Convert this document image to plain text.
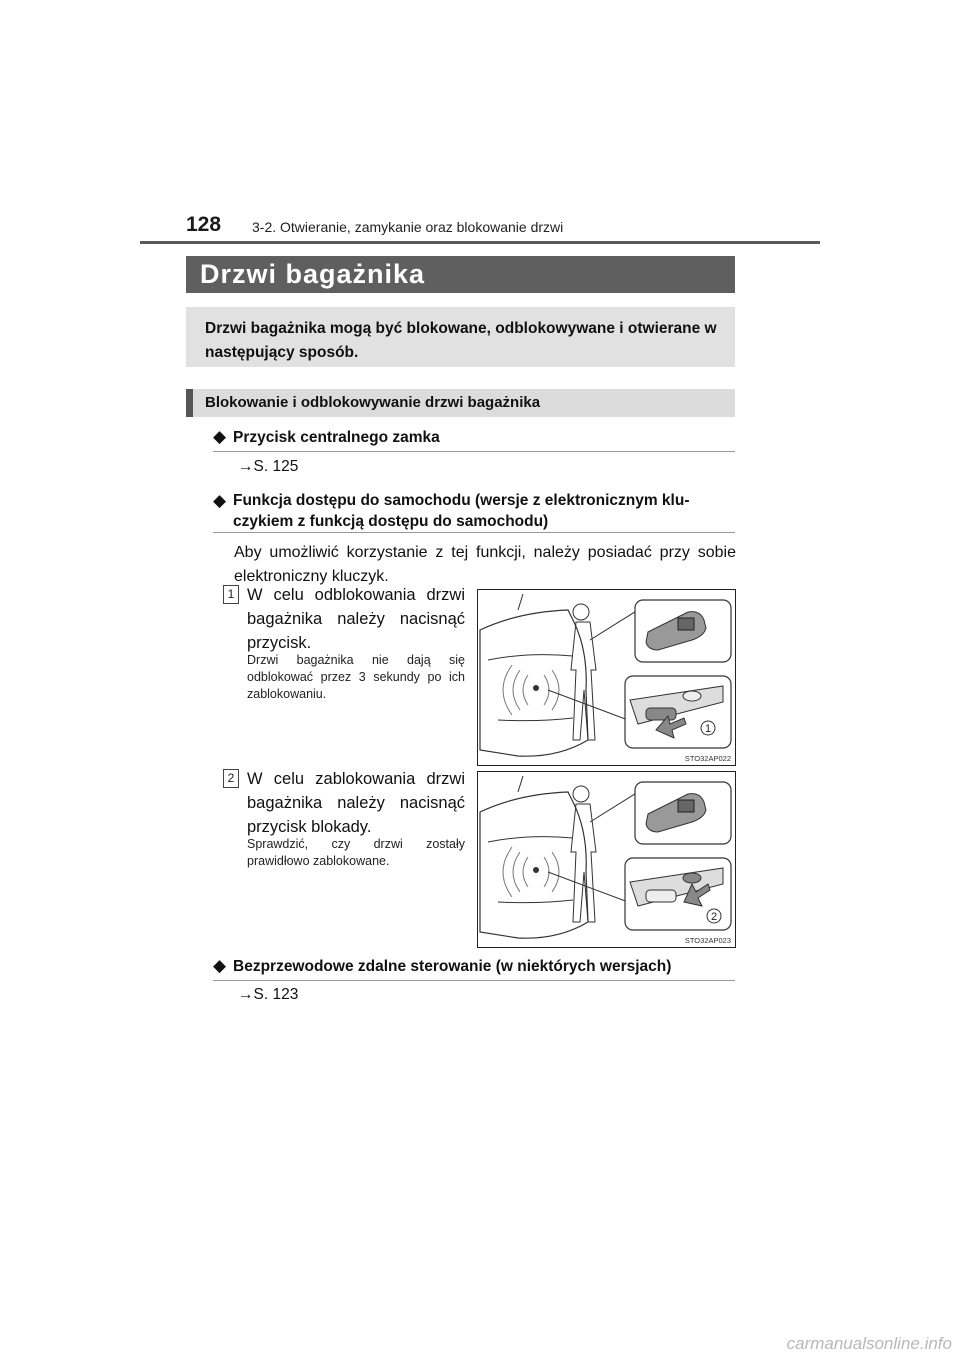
128 3-2. Otwieranie, zamykanie oraz blokowanie drzwi
Drzwi bagażnika
Drzwi bagażnika mogą być blokowane, odblokowywane i otwierane w następujący sposób.
Blokowanie i odblokowywanie drzwi bagażnika
◆ Przycisk centralnego zamka
→S. 125
◆ Funkcja dostępu do samochodu (wersje z elektronicznym klu-czykiem z funkcją dostępu do samochodu)
Aby umożliwić korzystanie z tej funkcji, należy posiadać przy sobie elektroniczny kluczyk.
1 W celu odblokowania drzwi bagażnika należy nacisnąć przycisk.
Drzwi bagażnika nie dają się odblokować przez 3 sekundy po ich zablokowaniu.
1
STO32AP022
2 W celu zablokowania drzwi bagażnika należy nacisnąć przycisk blokady.
Sprawdzić, czy drzwi zostały prawidłowo zablokowane.
2
STO32AP023
◆ Bezprzewodowe zdalne sterowanie (w niektórych wersjach)
→S. 123
carmanualsonline.info
